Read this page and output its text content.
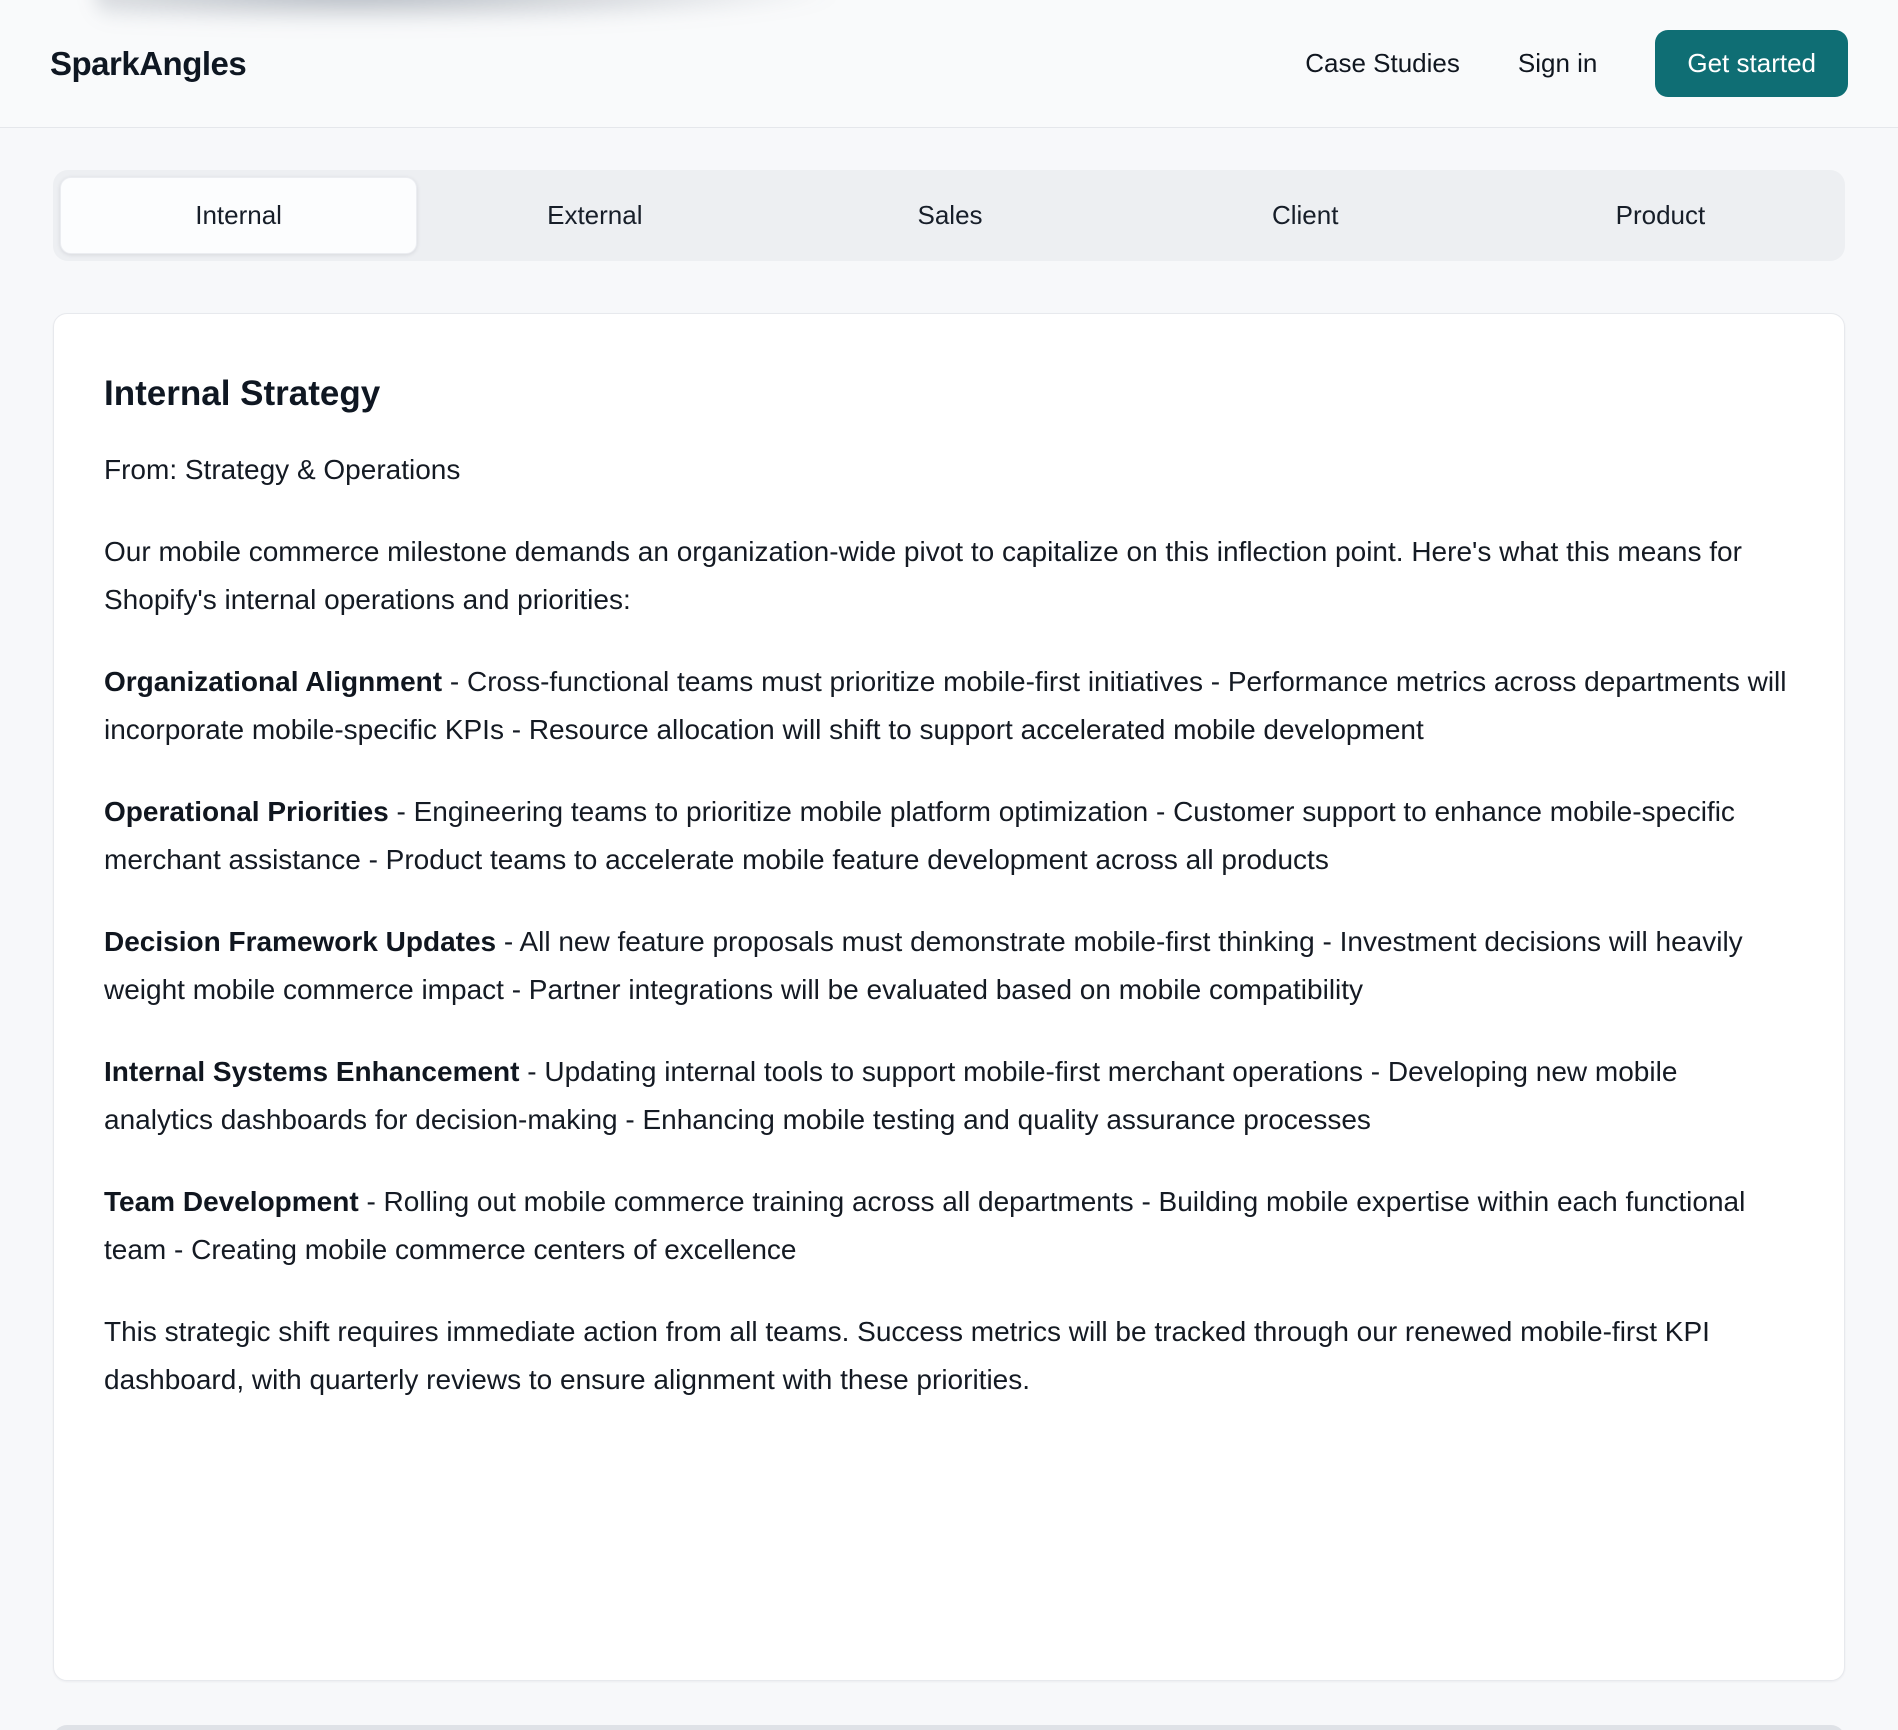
SparkAngles	Case Studies Sign in	Get started
Internal	External	Sales	Client	Product
Internal Strategy

From: Strategy & Operations

Our mobile commerce milestone demands an organization-wide pivot to capitalize on this inflection point. Here's what this means for Shopify's internal operations and priorities:

Organizational Alignment - Cross-functional teams must prioritize mobile-first initiatives - Performance metrics across departments will incorporate mobile-specific KPIs - Resource allocation will shift to support accelerated mobile development

Operational Priorities - Engineering teams to prioritize mobile platform optimization - Customer support to enhance mobile-specific merchant assistance - Product teams to accelerate mobile feature development across all products

Decision Framework Updates - All new feature proposals must demonstrate mobile-first thinking - Investment decisions will heavily weight mobile commerce impact - Partner integrations will be evaluated based on mobile compatibility

Internal Systems Enhancement - Updating internal tools to support mobile-first merchant operations - Developing new mobile analytics dashboards for decision-making - Enhancing mobile testing and quality assurance processes

Team Development - Rolling out mobile commerce training across all departments - Building mobile expertise within each functional team - Creating mobile commerce centers of excellence

This strategic shift requires immediate action from all teams. Success metrics will be tracked through our renewed mobile-first KPI dashboard, with quarterly reviews to ensure alignment with these priorities.
